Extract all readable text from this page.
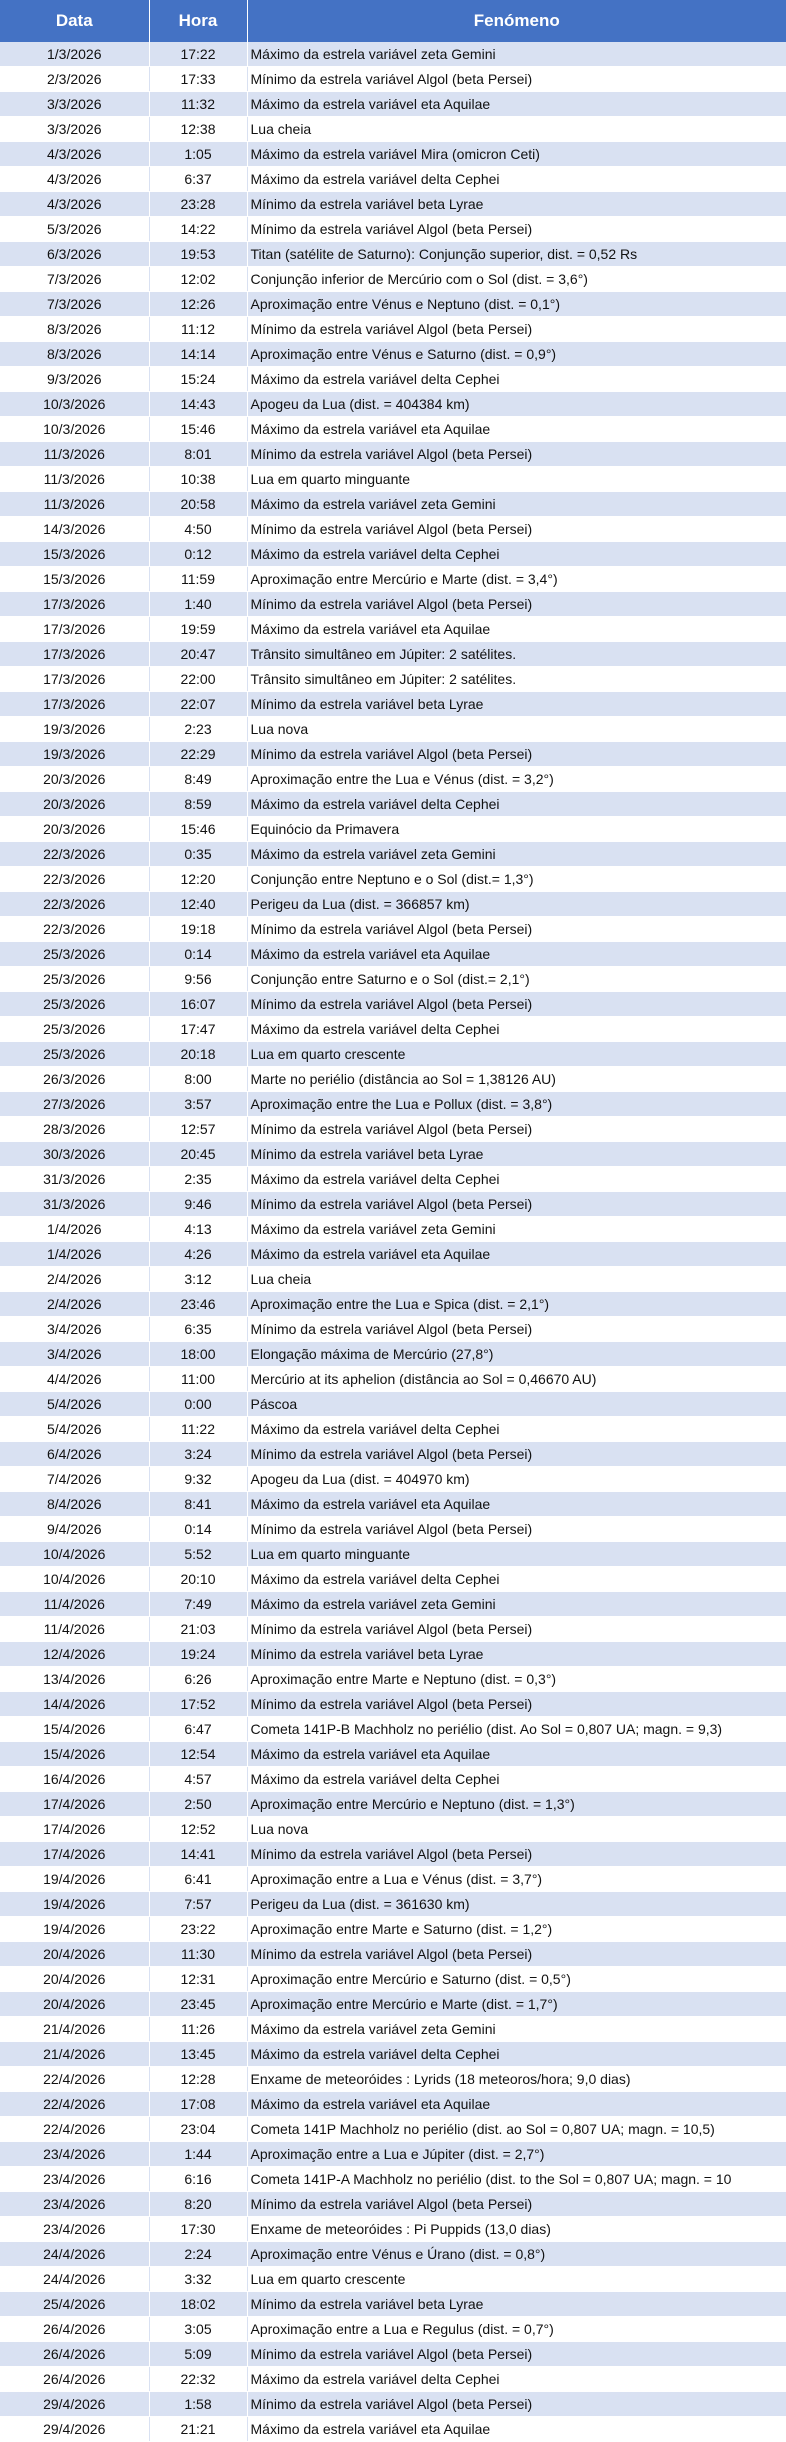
Data	Hora	Fenómeno
1/3/2026	17:22	Máximo da estrela variável zeta Gemini
2/3/2026	17:33	Mínimo da estrela variável Algol (beta Persei)
3/3/2026	11:32	Máximo da estrela variável eta Aquilae
3/3/2026	12:38	Lua cheia
4/3/2026	1:05	Máximo da estrela variável Mira (omicron Ceti)
4/3/2026	6:37	Máximo da estrela variável delta Cephei
4/3/2026	23:28	Mínimo da estrela variável beta Lyrae
5/3/2026	14:22	Mínimo da estrela variável Algol (beta Persei)
6/3/2026	19:53	Titan (satélite de Saturno): Conjunção superior, dist. = 0,52 Rs
7/3/2026	12:02	Conjunção inferior de Mercúrio com o Sol (dist. = 3,6°)
7/3/2026	12:26	Aproximação entre Vénus e Neptuno (dist. = 0,1°)
8/3/2026	11:12	Mínimo da estrela variável Algol (beta Persei)
8/3/2026	14:14	Aproximação entre Vénus e Saturno (dist. = 0,9°)
9/3/2026	15:24	Máximo da estrela variável delta Cephei
10/3/2026	14:43	Apogeu da Lua (dist. = 404384 km)
10/3/2026	15:46	Máximo da estrela variável eta Aquilae
11/3/2026	8:01	Mínimo da estrela variável Algol (beta Persei)
11/3/2026	10:38	Lua em quarto minguante
11/3/2026	20:58	Máximo da estrela variável zeta Gemini
14/3/2026	4:50	Mínimo da estrela variável Algol (beta Persei)
15/3/2026	0:12	Máximo da estrela variável delta Cephei
15/3/2026	11:59	Aproximação entre Mercúrio e Marte (dist. = 3,4°)
17/3/2026	1:40	Mínimo da estrela variável Algol (beta Persei)
17/3/2026	19:59	Máximo da estrela variável eta Aquilae
17/3/2026	20:47	Trânsito simultâneo em Júpiter: 2 satélites.
17/3/2026	22:00	Trânsito simultâneo em Júpiter: 2 satélites.
17/3/2026	22:07	Mínimo da estrela variável beta Lyrae
19/3/2026	2:23	Lua nova
19/3/2026	22:29	Mínimo da estrela variável Algol (beta Persei)
20/3/2026	8:49	Aproximação entre the Lua e Vénus (dist. = 3,2°)
20/3/2026	8:59	Máximo da estrela variável delta Cephei
20/3/2026	15:46	Equinócio da Primavera
22/3/2026	0:35	Máximo da estrela variável zeta Gemini
22/3/2026	12:20	Conjunção entre Neptuno e o Sol (dist.= 1,3°)
22/3/2026	12:40	Perigeu da Lua (dist. = 366857 km)
22/3/2026	19:18	Mínimo da estrela variável Algol (beta Persei)
25/3/2026	0:14	Máximo da estrela variável eta Aquilae
25/3/2026	9:56	Conjunção entre Saturno e o Sol (dist.= 2,1°)
25/3/2026	16:07	Mínimo da estrela variável Algol (beta Persei)
25/3/2026	17:47	Máximo da estrela variável delta Cephei
25/3/2026	20:18	Lua em quarto crescente
26/3/2026	8:00	Marte no periélio (distância ao Sol = 1,38126 AU)
27/3/2026	3:57	Aproximação entre the Lua e Pollux (dist. = 3,8°)
28/3/2026	12:57	Mínimo da estrela variável Algol (beta Persei)
30/3/2026	20:45	Mínimo da estrela variável beta Lyrae
31/3/2026	2:35	Máximo da estrela variável delta Cephei
31/3/2026	9:46	Mínimo da estrela variável Algol (beta Persei)
1/4/2026	4:13	Máximo da estrela variável zeta Gemini
1/4/2026	4:26	Máximo da estrela variável eta Aquilae
2/4/2026	3:12	Lua cheia
2/4/2026	23:46	Aproximação entre the Lua e Spica (dist. = 2,1°)
3/4/2026	6:35	Mínimo da estrela variável Algol (beta Persei)
3/4/2026	18:00	Elongação máxima de Mercúrio (27,8°)
4/4/2026	11:00	Mercúrio at its aphelion (distância ao Sol = 0,46670 AU)
5/4/2026	0:00	Páscoa
5/4/2026	11:22	Máximo da estrela variável delta Cephei
6/4/2026	3:24	Mínimo da estrela variável Algol (beta Persei)
7/4/2026	9:32	Apogeu da Lua (dist. = 404970 km)
8/4/2026	8:41	Máximo da estrela variável eta Aquilae
9/4/2026	0:14	Mínimo da estrela variável Algol (beta Persei)
10/4/2026	5:52	Lua em quarto minguante
10/4/2026	20:10	Máximo da estrela variável delta Cephei
11/4/2026	7:49	Máximo da estrela variável zeta Gemini
11/4/2026	21:03	Mínimo da estrela variável Algol (beta Persei)
12/4/2026	19:24	Mínimo da estrela variável beta Lyrae
13/4/2026	6:26	Aproximação entre Marte e Neptuno (dist. = 0,3°)
14/4/2026	17:52	Mínimo da estrela variável Algol (beta Persei)
15/4/2026	6:47	Cometa 141P-B Machholz no periélio (dist. Ao Sol = 0,807 UA; magn. = 9,3)
15/4/2026	12:54	Máximo da estrela variável eta Aquilae
16/4/2026	4:57	Máximo da estrela variável delta Cephei
17/4/2026	2:50	Aproximação entre Mercúrio e Neptuno (dist. = 1,3°)
17/4/2026	12:52	Lua nova
17/4/2026	14:41	Mínimo da estrela variável Algol (beta Persei)
19/4/2026	6:41	Aproximação entre a Lua e Vénus (dist. = 3,7°)
19/4/2026	7:57	Perigeu da Lua (dist. = 361630 km)
19/4/2026	23:22	Aproximação entre Marte e Saturno (dist. = 1,2°)
20/4/2026	11:30	Mínimo da estrela variável Algol (beta Persei)
20/4/2026	12:31	Aproximação entre Mercúrio e Saturno (dist. = 0,5°)
20/4/2026	23:45	Aproximação entre Mercúrio e Marte (dist. = 1,7°)
21/4/2026	11:26	Máximo da estrela variável zeta Gemini
21/4/2026	13:45	Máximo da estrela variável delta Cephei
22/4/2026	12:28	Enxame de meteoróides : Lyrids (18 meteoros/hora; 9,0 dias)
22/4/2026	17:08	Máximo da estrela variável eta Aquilae
22/4/2026	23:04	Cometa 141P Machholz no periélio (dist. ao Sol = 0,807 UA; magn. = 10,5)
23/4/2026	1:44	Aproximação entre a Lua e Júpiter (dist. = 2,7°)
23/4/2026	6:16	Cometa 141P-A Machholz no periélio (dist. to the Sol = 0,807 UA; magn. = 10
23/4/2026	8:20	Mínimo da estrela variável Algol (beta Persei)
23/4/2026	17:30	Enxame de meteoróides : Pi Puppids (13,0 dias)
24/4/2026	2:24	Aproximação entre Vénus e Úrano (dist. = 0,8°)
24/4/2026	3:32	Lua em quarto crescente
25/4/2026	18:02	Mínimo da estrela variável beta Lyrae
26/4/2026	3:05	Aproximação entre a Lua e Regulus (dist. = 0,7°)
26/4/2026	5:09	Mínimo da estrela variável Algol (beta Persei)
26/4/2026	22:32	Máximo da estrela variável delta Cephei
29/4/2026	1:58	Mínimo da estrela variável Algol (beta Persei)
29/4/2026	21:21	Máximo da estrela variável eta Aquilae
